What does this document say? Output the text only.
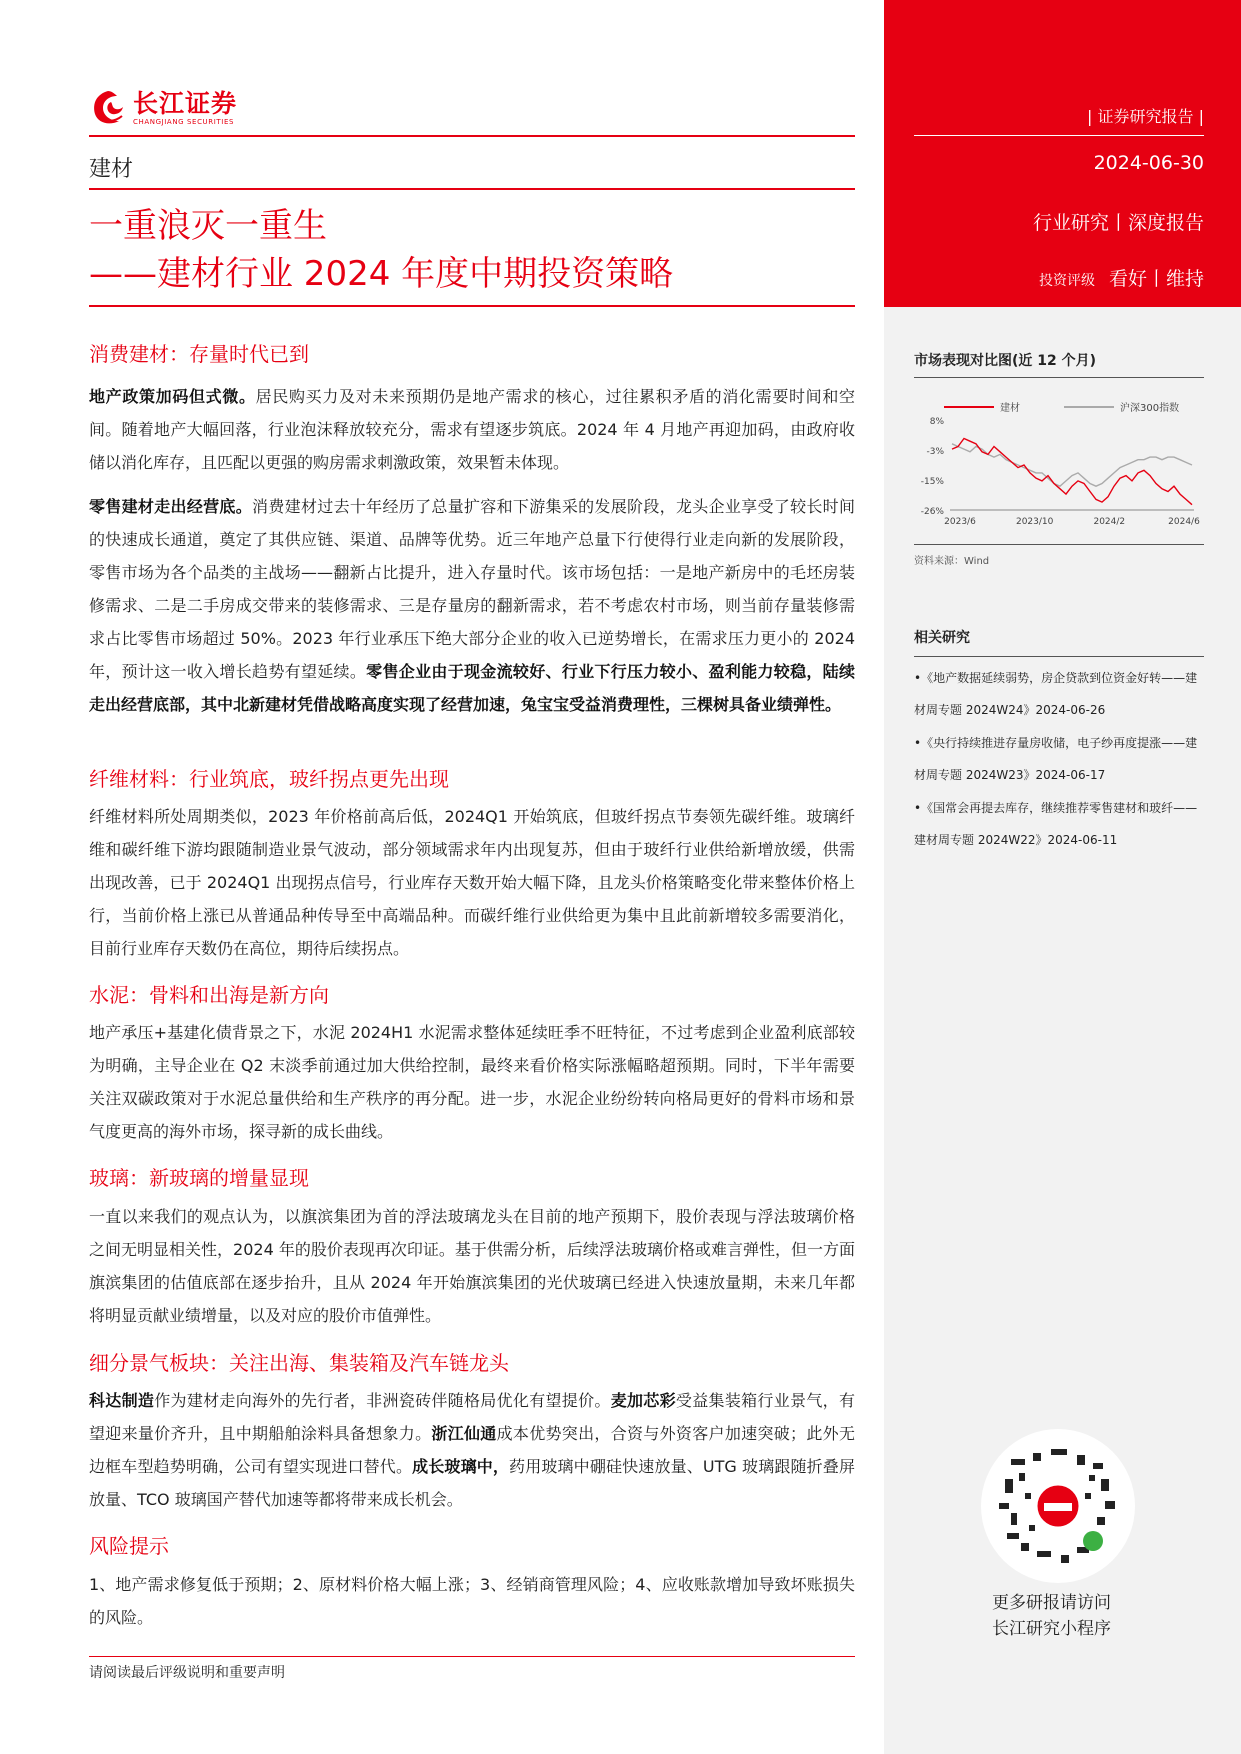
长江证券
CHANGJIANG SECURITIES
建材
一重浪灭一重生
——建材行业 2024 年度中期投资策略
消费建材：存量时代已到
地产政策加码但式微。居民购买力及对未来预期仍是地产需求的核心，过往累积矛盾的消化需要时间和空间。随着地产大幅回落，行业泡沫释放较充分，需求有望逐步筑底。2024 年 4 月地产再迎加码，由政府收储以消化库存，且匹配以更强的购房需求刺激政策，效果暂未体现。
零售建材走出经营底。消费建材过去十年经历了总量扩容和下游集采的发展阶段，龙头企业享受了较长时间的快速成长通道，奠定了其供应链、渠道、品牌等优势。近三年地产总量下行使得行业走向新的发展阶段，零售市场为各个品类的主战场——翻新占比提升，进入存量时代。该市场包括：一是地产新房中的毛坯房装修需求、二是二手房成交带来的装修需求、三是存量房的翻新需求，若不考虑农村市场，则当前存量装修需求占比零售市场超过 50%。2023 年行业承压下绝大部分企业的收入已逆势增长，在需求压力更小的 2024 年，预计这一收入增长趋势有望延续。零售企业由于现金流较好、行业下行压力较小、盈利能力较稳，陆续走出经营底部，其中北新建材凭借战略高度实现了经营加速，兔宝宝受益消费理性，三棵树具备业绩弹性。
纤维材料：行业筑底，玻纤拐点更先出现
纤维材料所处周期类似，2023 年价格前高后低，2024Q1 开始筑底，但玻纤拐点节奏领先碳纤维。玻璃纤维和碳纤维下游均跟随制造业景气波动，部分领域需求年内出现复苏，但由于玻纤行业供给新增放缓，供需出现改善，已于 2024Q1 出现拐点信号，行业库存天数开始大幅下降，且龙头价格策略变化带来整体价格上行，当前价格上涨已从普通品种传导至中高端品种。而碳纤维行业供给更为集中且此前新增较多需要消化，目前行业库存天数仍在高位，期待后续拐点。
水泥：骨料和出海是新方向
地产承压+基建化债背景之下，水泥 2024H1 水泥需求整体延续旺季不旺特征，不过考虑到企业盈利底部较为明确，主导企业在 Q2 末淡季前通过加大供给控制，最终来看价格实际涨幅略超预期。同时，下半年需要关注双碳政策对于水泥总量供给和生产秩序的再分配。进一步，水泥企业纷纷转向格局更好的骨料市场和景气度更高的海外市场，探寻新的成长曲线。
玻璃：新玻璃的增量显现
一直以来我们的观点认为，以旗滨集团为首的浮法玻璃龙头在目前的地产预期下，股价表现与浮法玻璃价格之间无明显相关性，2024 年的股价表现再次印证。基于供需分析，后续浮法玻璃价格或难言弹性，但一方面旗滨集团的估值底部在逐步抬升，且从 2024 年开始旗滨集团的光伏玻璃已经进入快速放量期，未来几年都将明显贡献业绩增量，以及对应的股价市值弹性。
细分景气板块：关注出海、集装箱及汽车链龙头
科达制造作为建材走向海外的先行者，非洲瓷砖伴随格局优化有望提价。麦加芯彩受益集装箱行业景气，有望迎来量价齐升，且中期船舶涂料具备想象力。浙江仙通成本优势突出，合资与外资客户加速突破；此外无边框车型趋势明确，公司有望实现进口替代。成长玻璃中，药用玻璃中硼硅快速放量、UTG 玻璃跟随折叠屏放量、TCO 玻璃国产替代加速等都将带来成长机会。
风险提示
1、地产需求修复低于预期；2、原材料价格大幅上涨；3、经销商管理风险；4、应收账款增加导致坏账损失的风险。
请阅读最后评级说明和重要声明
| 证券研究报告 |
2024-06-30
行业研究丨深度报告
投资评级 看好丨维持
市场表现对比图(近 12 个月)
建材	沪深300指数
8%
-3%
-15%
-26%
2023/6	2023/10	2024/2	2024/6
资料来源：Wind
相关研究
•《地产数据延续弱势，房企贷款到位资金好转——建材周专题 2024W24》2024-06-26
•《央行持续推进存量房收储，电子纱再度提涨——建材周专题 2024W23》2024-06-17
•《国常会再提去库存，继续推荐零售建材和玻纤——建材周专题 2024W22》2024-06-11
更多研报请访问
长江研究小程序
